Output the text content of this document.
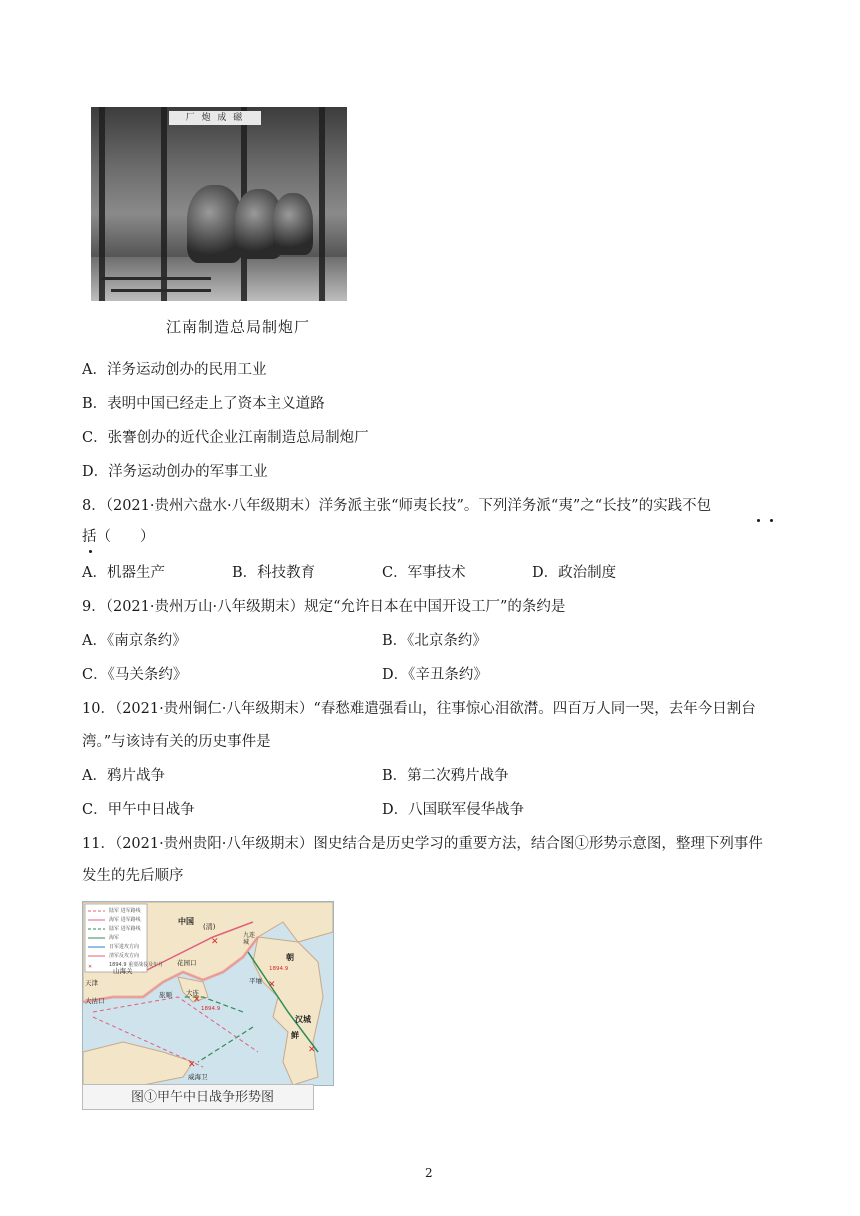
厂 炮 成 磁
江南制造总局制炮厂
A．洋务运动创办的民用工业
B．表明中国已经走上了资本主义道路
C．张謇创办的近代企业江南制造总局制炮厂
D．洋务运动创办的军事工业
8．（2021·贵州六盘水·八年级期末）洋务派主张“师夷长技”。下列洋务派“夷”之“长技”的实践不包
括（　　）
A．机器生产	B．科技教育	C．军事技术	D．政治制度
9．（2021·贵州万山·八年级期末）规定“允许日本在中国开设工厂”的条约是
A．《南京条约》	B．《北京条约》
C．《马关条约》	D．《辛丑条约》
10．（2021·贵州铜仁·八年级期末）“春愁难遣强看山，往事惊心泪欲潸。四百万人同一哭，去年今日割台
湾。”与该诗有关的历史事件是
A．鸦片战争	B．第二次鸦片战争
C．甲午中日战争	D．八国联军侵华战争
11．（2021·贵州贵阳·八年级期末）图史结合是历史学习的重要方法，结合图①形势示意图，整理下列事件
发生的先后顺序
✕
✕
✕
✕
✕
✕
陆军 进军路线
海军 进军路线
陆军 进军路线
海军
日军进攻方向
清军反攻方向
1894.9 重要战役及年月
中国
(清)
九连城
朝
鲜
山海关
天津
大沽口
花园口
旅顺 大连
平壤
汉城
威海卫
1894.9
1894.9
图①甲午中日战争形势图
2
